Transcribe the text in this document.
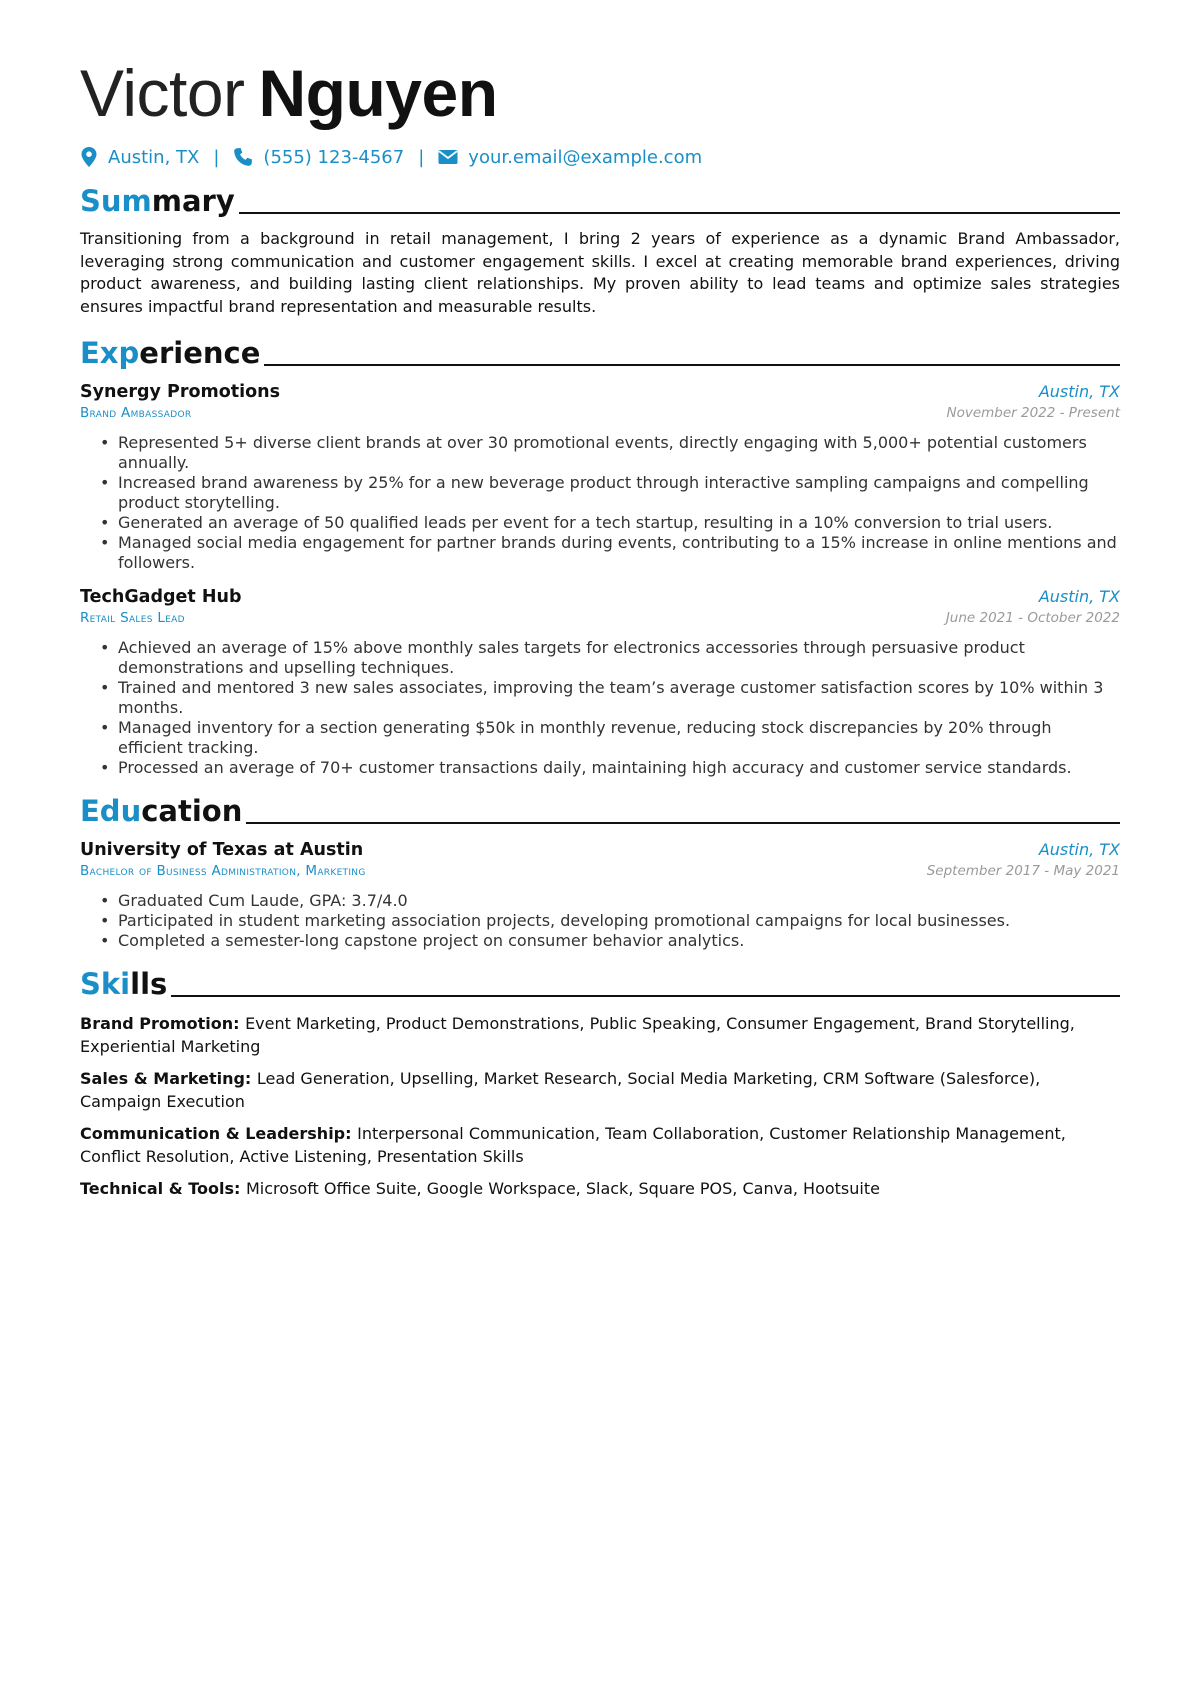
Victor Nguyen
Austin, TX | (555) 123-4567 | your.email@example.com
Summary
Transitioning from a background in retail management, I bring 2 years of experience as a dynamic Brand Ambassador, leveraging strong communication and customer engagement skills. I excel at creating memorable brand experiences, driving product awareness, and building lasting client relationships. My proven ability to lead teams and optimize sales strategies ensures impactful brand representation and measurable results.
Experience
Synergy Promotions	Austin, TX
Brand Ambassador	November 2022 - Present
• Represented 5+ diverse client brands at over 30 promotional events, directly engaging with 5,000+ potential customers annually.
• Increased brand awareness by 25% for a new beverage product through interactive sampling campaigns and compelling product storytelling.
• Generated an average of 50 qualified leads per event for a tech startup, resulting in a 10% conversion to trial users.
• Managed social media engagement for partner brands during events, contributing to a 15% increase in online mentions and followers.
TechGadget Hub	Austin, TX
Retail Sales Lead	June 2021 - October 2022
• Achieved an average of 15% above monthly sales targets for electronics accessories through persuasive product demonstrations and upselling techniques.
• Trained and mentored 3 new sales associates, improving the team’s average customer satisfaction scores by 10% within 3 months.
• Managed inventory for a section generating $50k in monthly revenue, reducing stock discrepancies by 20% through efficient tracking.
• Processed an average of 70+ customer transactions daily, maintaining high accuracy and customer service standards.
Education
University of Texas at Austin	Austin, TX
Bachelor of Business Administration, Marketing	September 2017 - May 2021
• Graduated Cum Laude, GPA: 3.7/4.0
• Participated in student marketing association projects, developing promotional campaigns for local businesses.
• Completed a semester-long capstone project on consumer behavior analytics.
Skills
Brand Promotion: Event Marketing, Product Demonstrations, Public Speaking, Consumer Engagement, Brand Storytelling, Experiential Marketing
Sales & Marketing: Lead Generation, Upselling, Market Research, Social Media Marketing, CRM Software (Salesforce), Campaign Execution
Communication & Leadership: Interpersonal Communication, Team Collaboration, Customer Relationship Management, Conflict Resolution, Active Listening, Presentation Skills
Technical & Tools: Microsoft Office Suite, Google Workspace, Slack, Square POS, Canva, Hootsuite
